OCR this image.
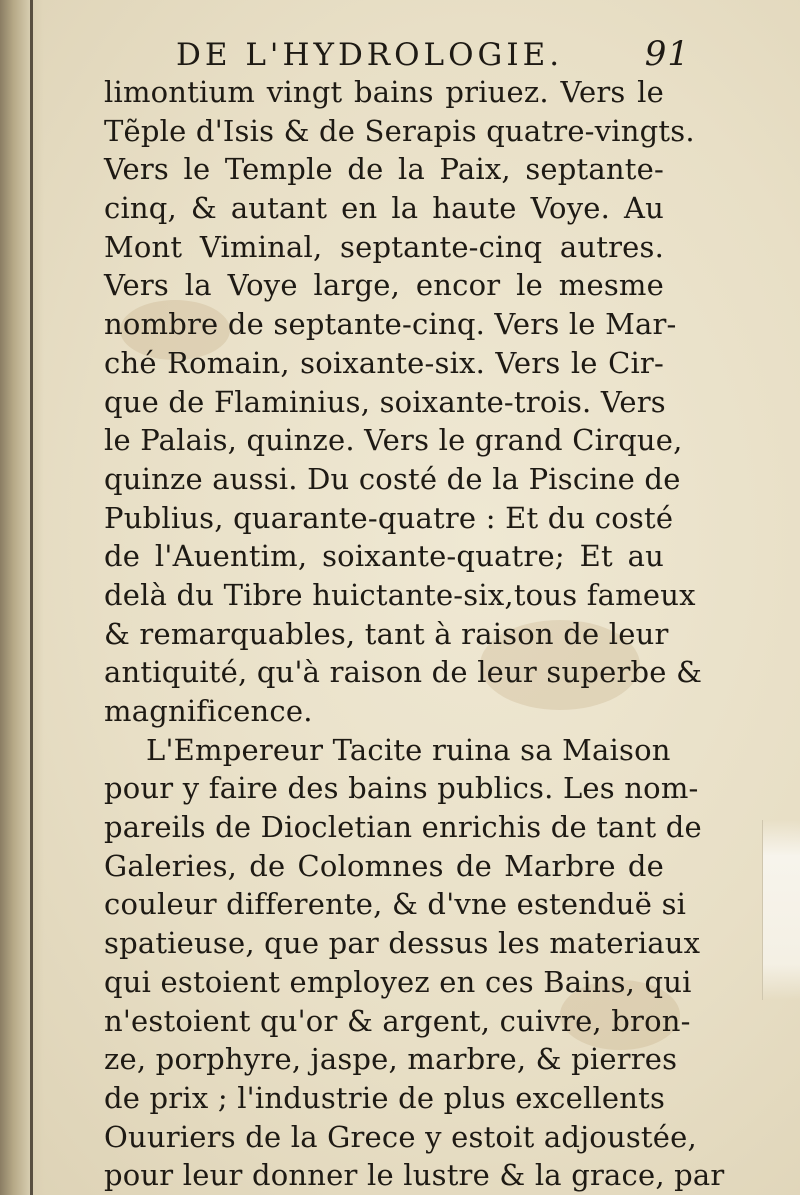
DE L'HYDROLOGIE. 91
limontium vingt bains priuez. Vers le
Tẽple d'Isis & de Serapis quatre-vingts.
Vers le Temple de la Paix, septante-
cinq, & autant en la haute Voye. Au
Mont Viminal, septante-cinq autres.
Vers la Voye large, encor le mesme
nombre de septante-cinq. Vers le Mar-
ché Romain, soixante-six. Vers le Cir-
que de Flaminius, soixante-trois. Vers
le Palais, quinze. Vers le grand Cirque,
quinze aussi. Du costé de la Piscine de
Publius, quarante-quatre : Et du costé
de l'Auentim, soixante-quatre; Et au
delà du Tibre huictante-six,tous fameux
& remarquables, tant à raison de leur
antiquité, qu'à raison de leur superbe &
magnificence.
L'Empereur Tacite ruina sa Maison
pour y faire des bains publics. Les nom-
pareils de Diocletian enrichis de tant de
Galeries, de Colomnes de Marbre de
couleur differente, & d'vne estenduë si
spatieuse, que par dessus les materiaux
qui estoient employez en ces Bains, qui
n'estoient qu'or & argent, cuivre, bron-
ze, porphyre, jaspe, marbre, & pierres
de prix ; l'industrie de plus excellents
Ouuriers de la Grece y estoit adjoustée,
pour leur donner le lustre & la grace, par
